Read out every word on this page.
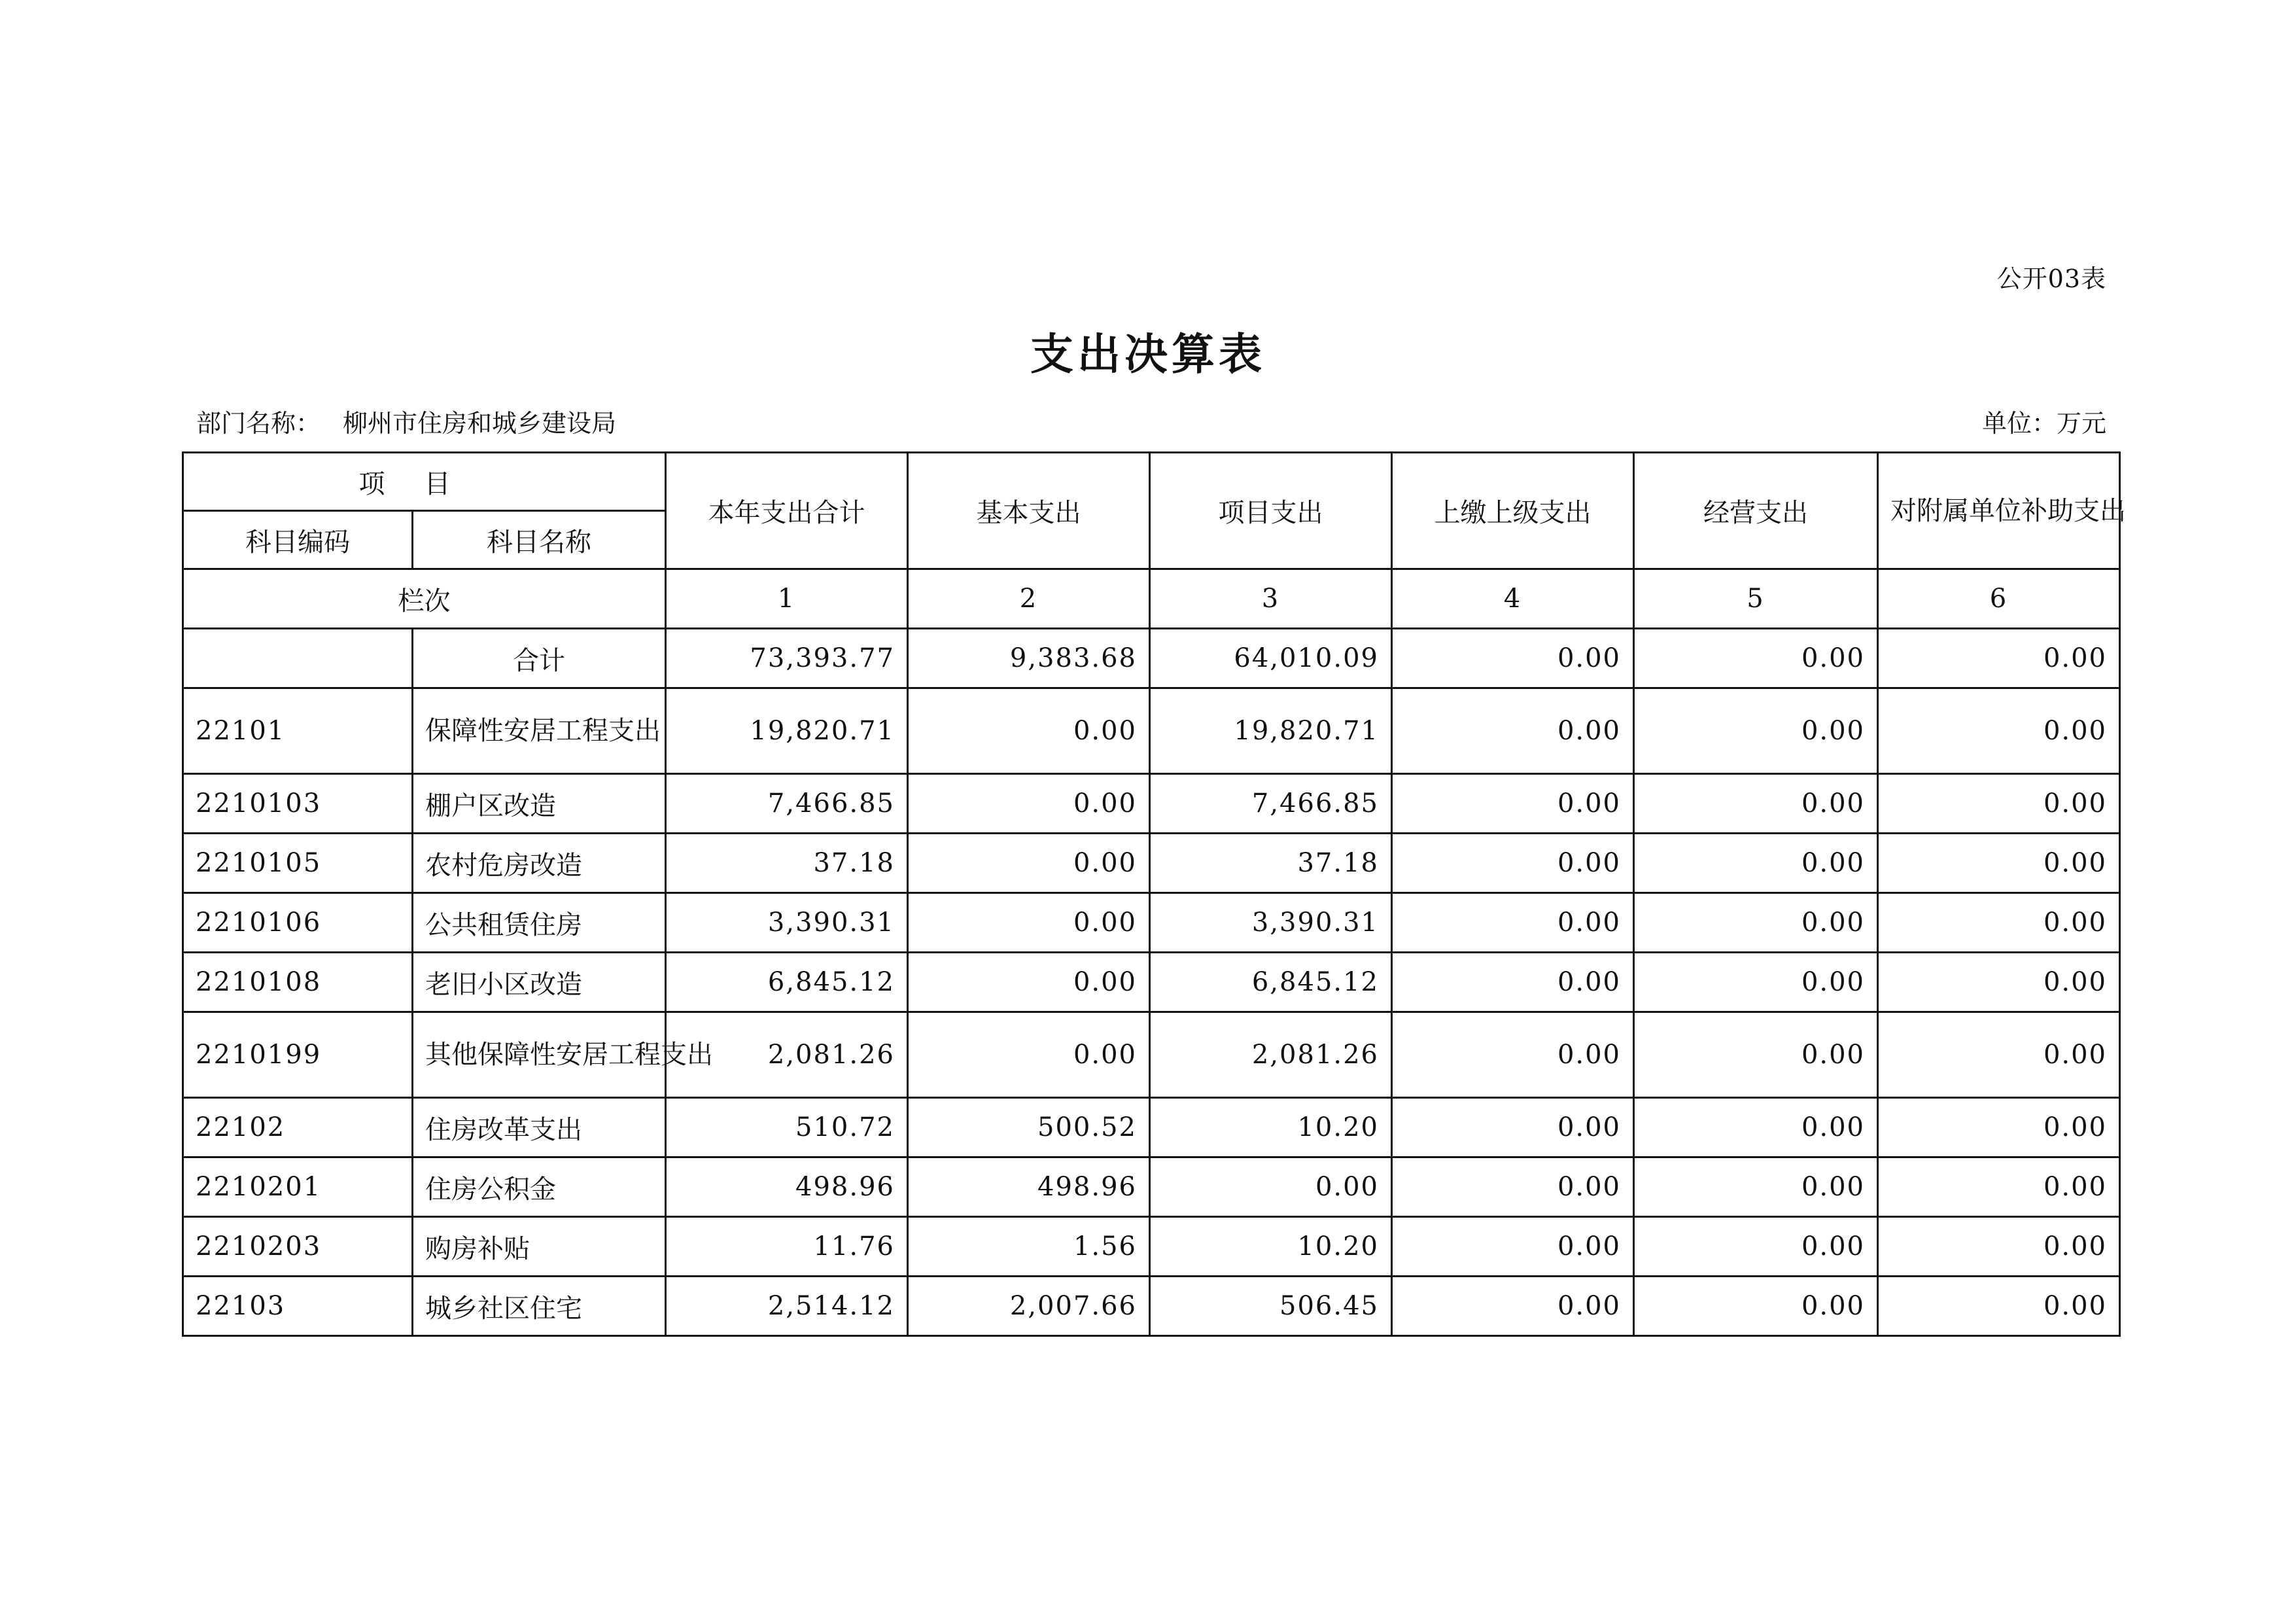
公开03表
支出决算表
部门名称： 柳州市住房和城乡建设局	单位：万元
项目		本年支出合计	基本支出	项目支出	上缴上级支出	经营支出	对附属单位补助支出
科目编码	科目名称						
栏次		1	2	3	4	5	6
	合计	73,393.77	9,383.68	64,010.09	0.00	0.00	0.00
22101	保障性安居工程支出	19,820.71	0.00	19,820.71	0.00	0.00	0.00
2210103	棚户区改造	7,466.85	0.00	7,466.85	0.00	0.00	0.00
2210105	农村危房改造	37.18	0.00	37.18	0.00	0.00	0.00
2210106	公共租赁住房	3,390.31	0.00	3,390.31	0.00	0.00	0.00
2210108	老旧小区改造	6,845.12	0.00	6,845.12	0.00	0.00	0.00
2210199	其他保障性安居工程支出	2,081.26	0.00	2,081.26	0.00	0.00	0.00
22102	住房改革支出	510.72	500.52	10.20	0.00	0.00	0.00
2210201	住房公积金	498.96	498.96	0.00	0.00	0.00	0.00
2210203	购房补贴	11.76	1.56	10.20	0.00	0.00	0.00
22103	城乡社区住宅	2,514.12	2,007.66	506.45	0.00	0.00	0.00
